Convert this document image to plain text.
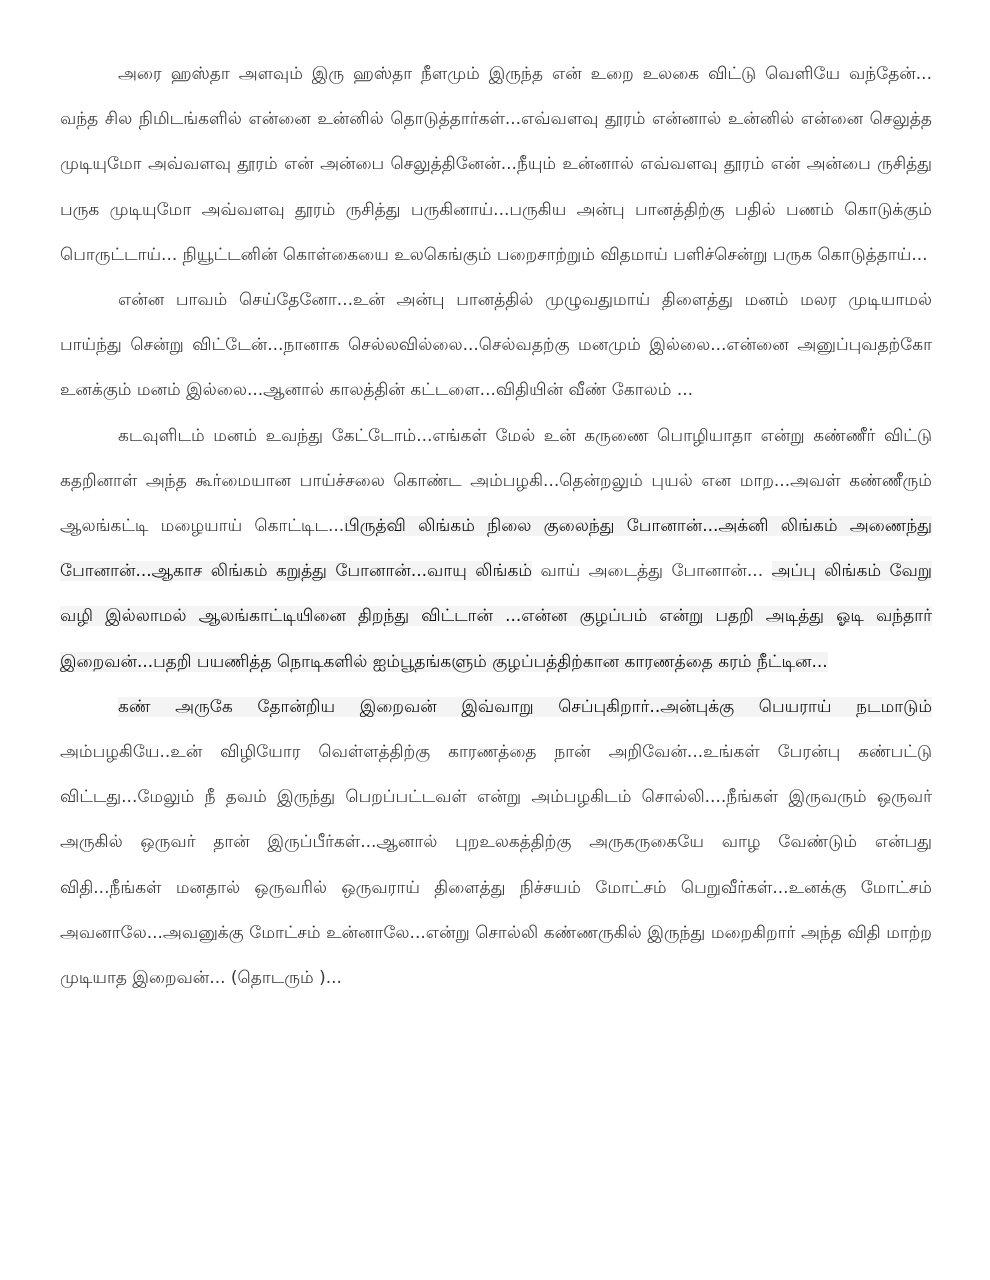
அரை ஹஸ்தா அளவும் இரு ஹஸ்தா நீளமும் இருந்த என் உறை உலகை விட்டு வெளியே வந்தேன்... வந்த சில நிமிடங்களில் என்னை உன்னில் தொடுத்தார்கள்...எவ்வளவு தூரம் என்னால் உன்னில் என்னை செலுத்த முடியுமோ அவ்வளவு தூரம் என் அன்பை செலுத்தினேன்...நீயும் உன்னால் எவ்வளவு தூரம் என் அன்பை ருசித்து பருக முடியுமோ அவ்வளவு தூரம் ருசித்து பருகினாய்...பருகிய அன்பு பானத்திற்கு பதில் பணம் கொடுக்கும் பொருட்டாய்... நியூட்டனின் கொள்கையை உலகெங்கும் பறைசாற்றும் விதமாய் பளிச்சென்று பருக கொடுத்தாய்...

என்ன பாவம் செய்தேனோ...உன் அன்பு பானத்தில் முழுவதுமாய் திளைத்து மனம் மலர முடியாமல் பாய்ந்து சென்று விட்டேன்...நானாக செல்லவில்லை...செல்வதற்கு மனமும் இல்லை...என்னை அனுப்புவதற்கோ உனக்கும் மனம் இல்லை...ஆனால் காலத்தின் கட்டளை...விதியின் வீண் கோலம் ...

கடவுளிடம் மனம் உவந்து கேட்டோம்...எங்கள் மேல் உன் கருணை பொழியாதா என்று கண்ணீர் விட்டு கதறினாள் அந்த கூர்மையான பாய்ச்சலை கொண்ட அம்பழகி...தென்றலும் புயல் என மாற...அவள் கண்ணீரும் ஆலங்கட்டி மழையாய் கொட்டிட...பிருத்வி லிங்கம் நிலை குலைந்து போனான்...அக்னி லிங்கம் அணைந்து போனான்...ஆகாச லிங்கம் கறுத்து போனான்...வாயு லிங்கம் வாய் அடைத்து போனான்... அப்பு லிங்கம் வேறு வழி இல்லாமல் ஆலங்காட்டியினை திறந்து விட்டான் ...என்ன குழப்பம் என்று பதறி அடித்து ஓடி வந்தார் இறைவன்...பதறி பயணித்த நொடிகளில் ஐம்பூதங்களும் குழப்பத்திற்கான காரணத்தை கரம் நீட்டின...

கண் அருகே தோன்றிய இறைவன் இவ்வாறு செப்புகிறார்..அன்புக்கு பெயராய் நடமாடும் அம்பழகியே..உன் விழியோர வெள்ளத்திற்கு காரணத்தை நான் அறிவேன்...உங்கள் பேரன்பு கண்பட்டு விட்டது...மேலும் நீ தவம் இருந்து பெறப்பட்டவள் என்று அம்பழகிடம் சொல்லி....நீங்கள் இருவரும் ஒருவர் அருகில் ஒருவர் தான் இருப்பீர்கள்...ஆனால் புறஉலகத்திற்கு அருகருகையே வாழ வேண்டும் என்பது விதி...நீங்கள் மனதால் ஒருவரில் ஒருவராய் திளைத்து நிச்சயம் மோட்சம் பெறுவீர்கள்...உனக்கு மோட்சம் அவனாலே...அவனுக்கு மோட்சம் உன்னாலே...என்று சொல்லி கண்ணருகில் இருந்து மறைகிறார் அந்த விதி மாற்ற முடியாத இறைவன்... (தொடரும் )...
